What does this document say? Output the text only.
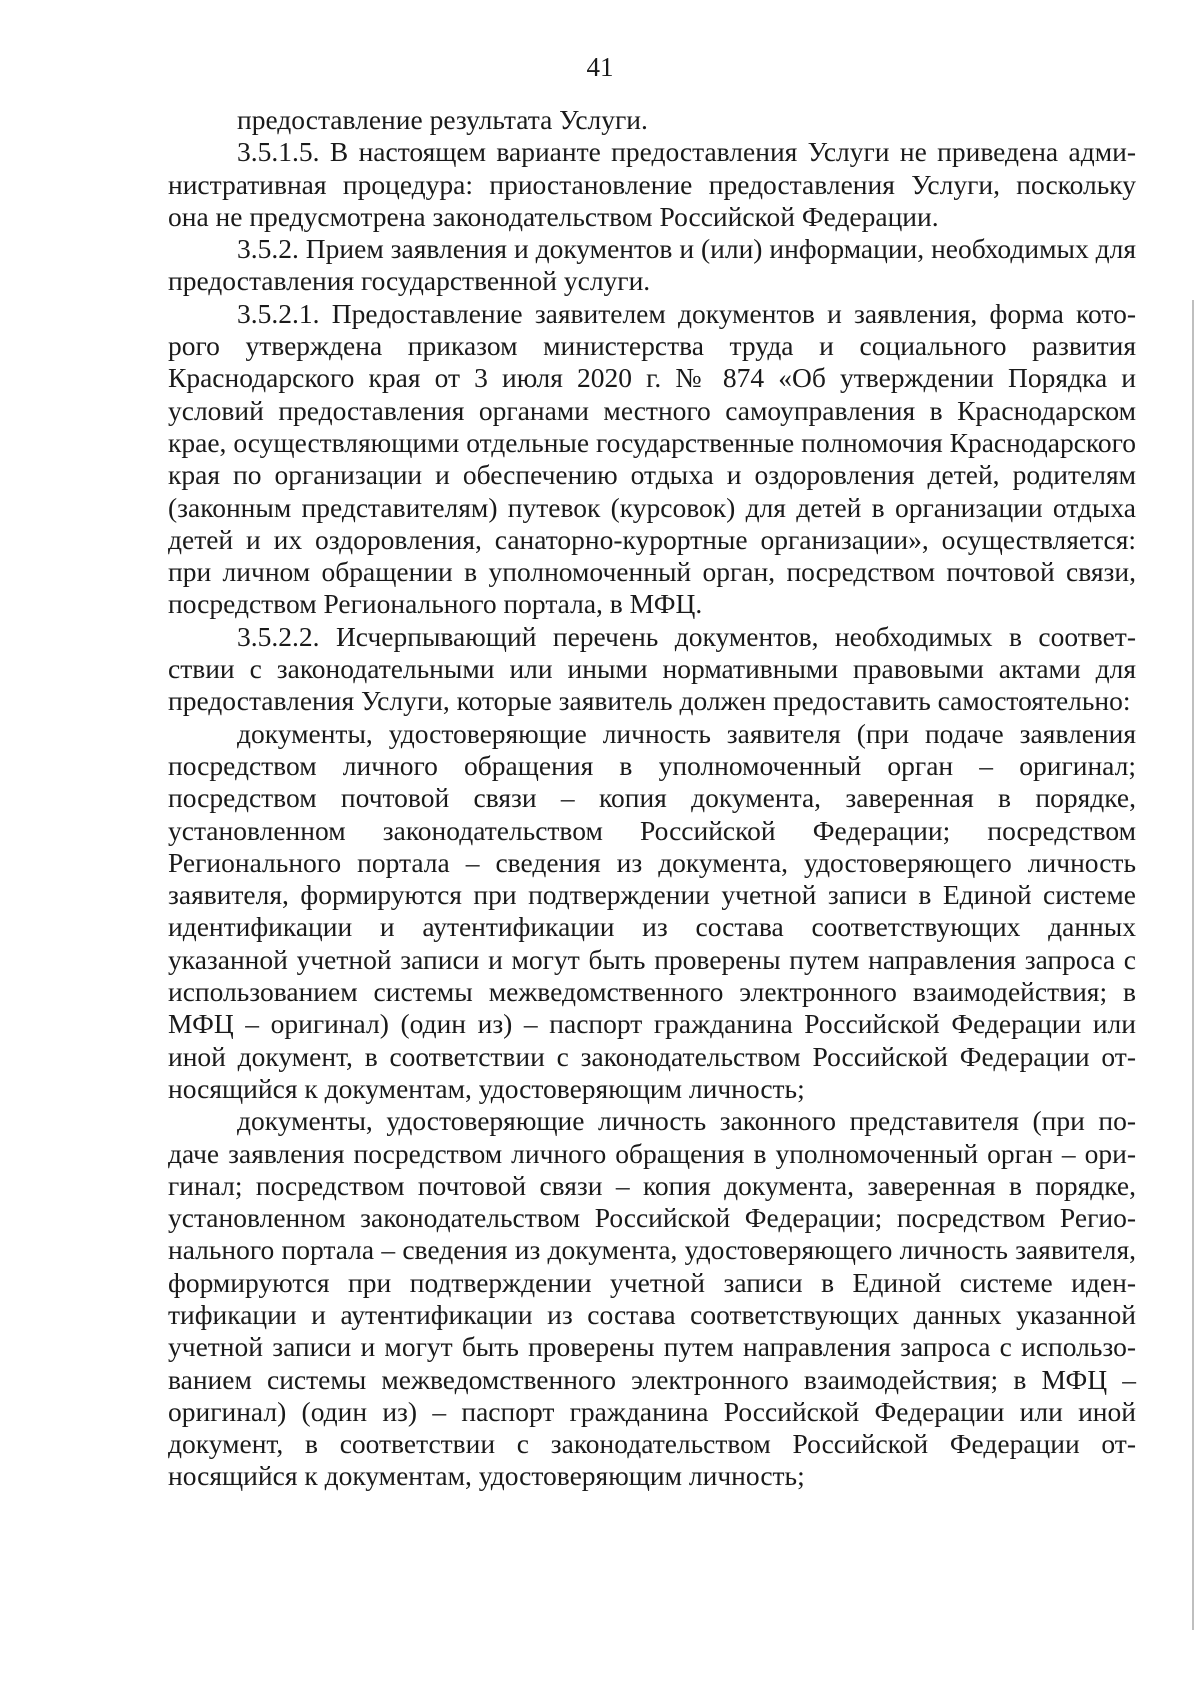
41

предоставление результата Услуги.

3.5.1.5. В настоящем варианте предоставления Услуги не приведена административная процедура: приостановление предоставления Услуги, поскольку она не предусмотрена законодательством Российской Федерации.

3.5.2. Прием заявления и документов и (или) информации, необходимых для предоставления государственной услуги.

3.5.2.1. Предоставление заявителем документов и заявления, форма которого утверждена приказом министерства труда и социального развития Краснодарского края от 3 июля 2020 г. № 874 «Об утверждении Порядка и условий предоставления органами местного самоуправления в Краснодарском крае, осуществляющими отдельные государственные полномочия Краснодарского края по организации и обеспечению отдыха и оздоровления детей, родителям (законным представителям) путевок (курсовок) для детей в организации отдыха детей и их оздоровления, санаторно-курортные организации», осуществляется: при личном обращении в уполномоченный орган, посредством почтовой связи, посредством Регионального портала, в МФЦ.

3.5.2.2. Исчерпывающий перечень документов, необходимых в соответствии с законодательными или иными нормативными правовыми актами для предоставления Услуги, которые заявитель должен предоставить самостоятельно:

документы, удостоверяющие личность заявителя (при подаче заявления посредством личного обращения в уполномоченный орган – оригинал; посредством почтовой связи – копия документа, заверенная в порядке, установленном законодательством Российской Федерации; посредством Регионального портала – сведения из документа, удостоверяющего личность заявителя, формируются при подтверждении учетной записи в Единой системе идентификации и аутентификации из состава соответствующих данных указанной учетной записи и могут быть проверены путем направления запроса с использованием системы межведомственного электронного взаимодействия; в МФЦ – оригинал) (один из) – паспорт гражданина Российской Федерации или иной документ, в соответствии с законодательством Российской Федерации относящийся к документам, удостоверяющим личность;

документы, удостоверяющие личность законного представителя (при подаче заявления посредством личного обращения в уполномоченный орган – оригинал; посредством почтовой связи – копия документа, заверенная в порядке, установленном законодательством Российской Федерации; посредством Регионального портала – сведения из документа, удостоверяющего личность заявителя, формируются при подтверждении учетной записи в Единой системе идентификации и аутентификации из состава соответствующих данных указанной учетной записи и могут быть проверены путем направления запроса с использованием системы межведомственного электронного взаимодействия; в МФЦ – оригинал) (один из) – паспорт гражданина Российской Федерации или иной документ, в соответствии с законодательством Российской Федерации относящийся к документам, удостоверяющим личность;
